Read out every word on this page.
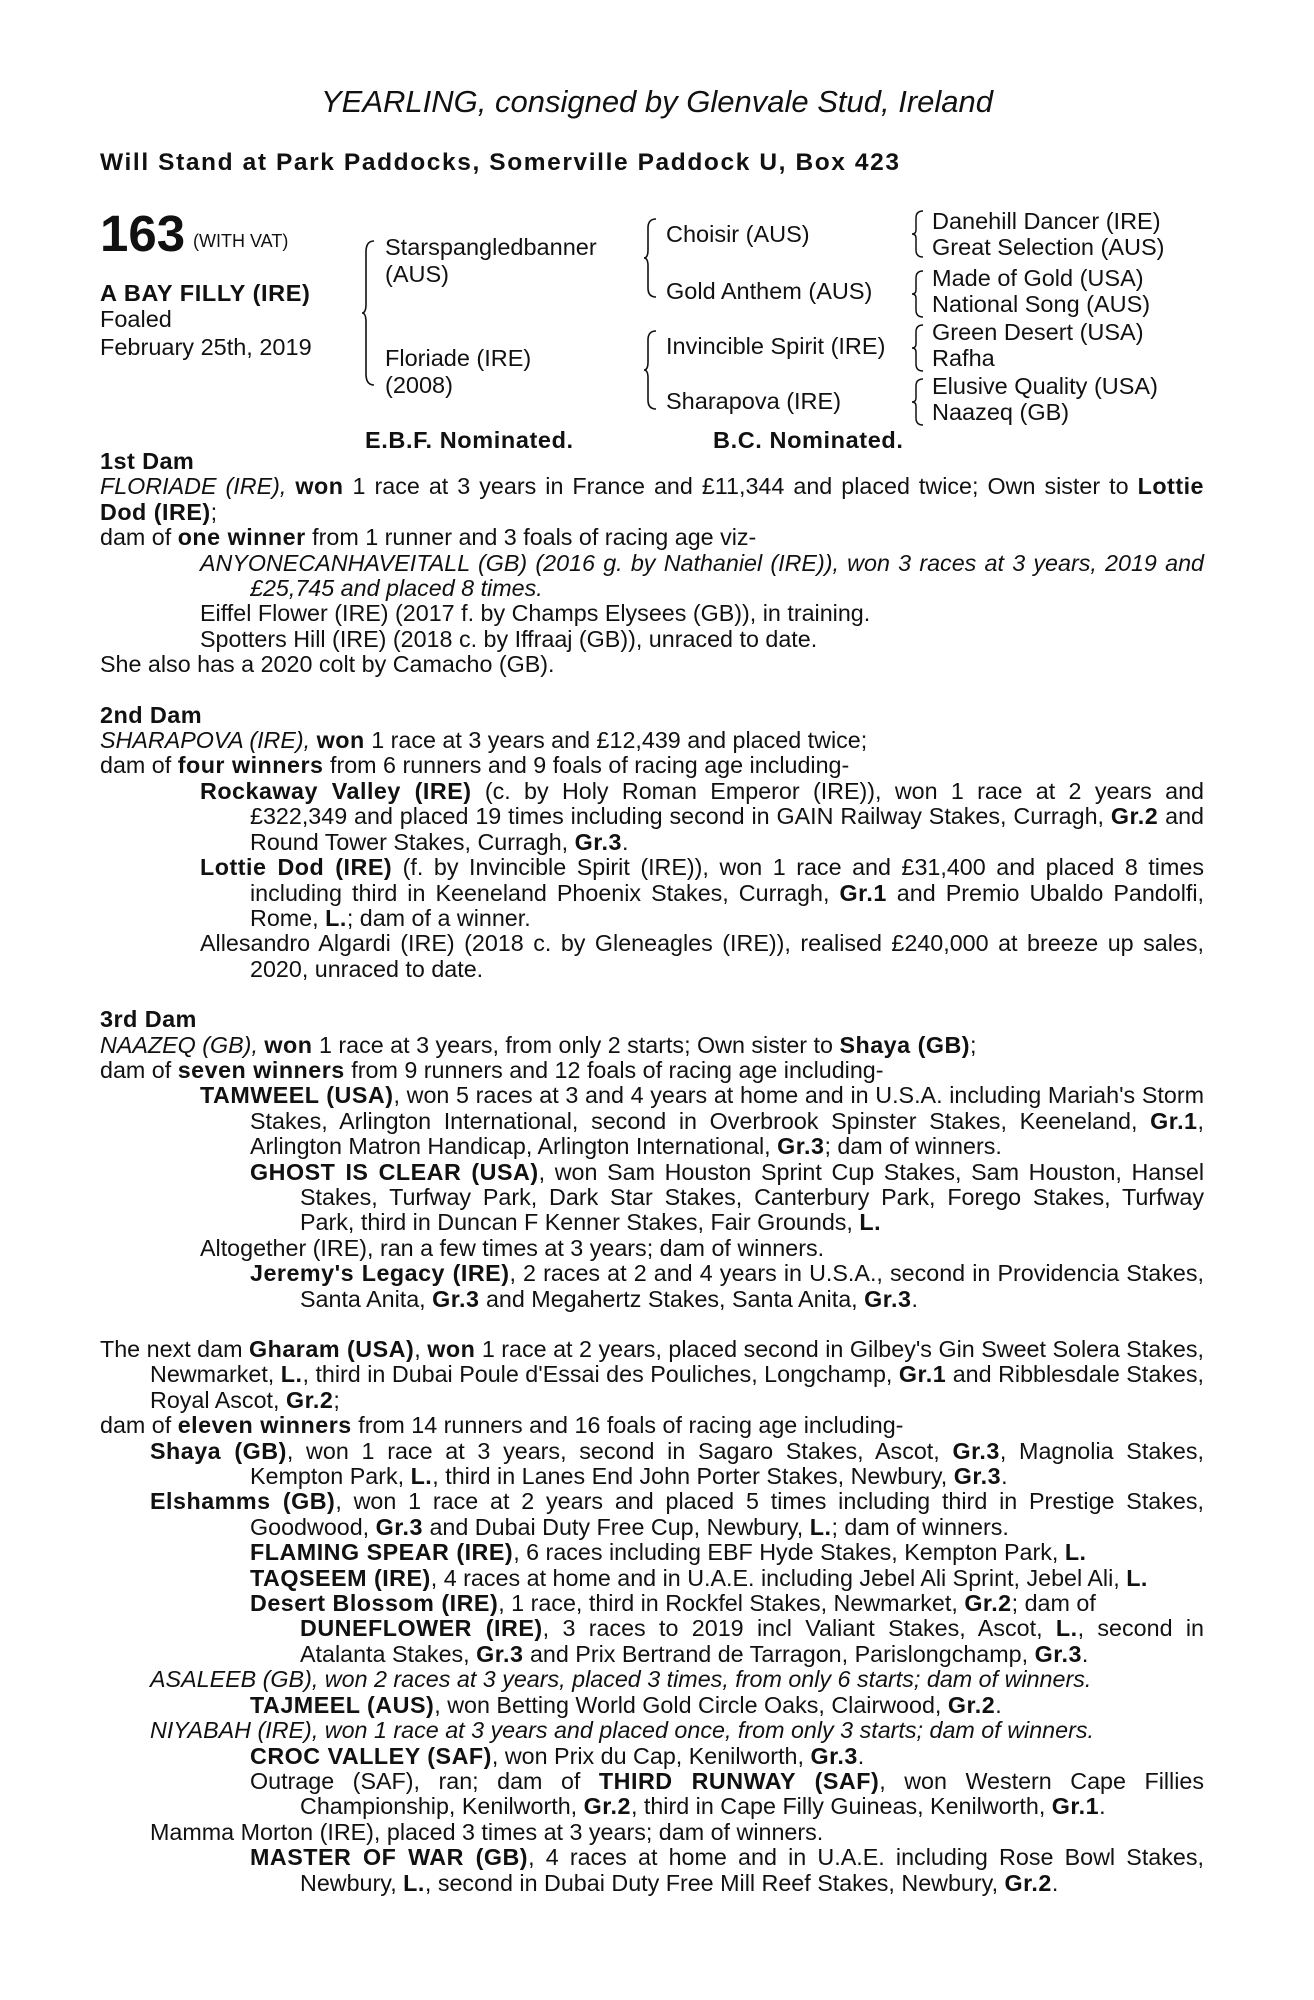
YEARLING, consigned by Glenvale Stud, Ireland
Will Stand at Park Paddocks, Somerville Paddock U, Box 423
163 (WITH VAT)
A BAY FILLY (IRE)
Foaled
February 25th, 2019
Starspangledbanner
(AUS)
Floriade (IRE)
(2008)
Choisir (AUS)
Gold Anthem (AUS)
Invincible Spirit (IRE)
Sharapova (IRE)
Danehill Dancer (IRE)
Great Selection (AUS)
Made of Gold (USA)
National Song (AUS)
Green Desert (USA)
Rafha
Elusive Quality (USA)
Naazeq (GB)
E.B.F. Nominated.	B.C. Nominated.

1st Dam

FLORIADE (IRE), won 1 race at 3 years in France and £11,344 and placed twice; Own sister to Lottie Dod (IRE);

dam of one winner from 1 runner and 3 foals of racing age viz-

ANYONECANHAVEITALL (GB) (2016 g. by Nathaniel (IRE)), won 3 races at 3 years, 2019 and £25,745 and placed 8 times.

Eiffel Flower (IRE) (2017 f. by Champs Elysees (GB)), in training.

Spotters Hill (IRE) (2018 c. by Iffraaj (GB)), unraced to date.

She also has a 2020 colt by Camacho (GB).

2nd Dam

SHARAPOVA (IRE), won 1 race at 3 years and £12,439 and placed twice;

dam of four winners from 6 runners and 9 foals of racing age including-

Rockaway Valley (IRE) (c. by Holy Roman Emperor (IRE)), won 1 race at 2 years and £322,349 and placed 19 times including second in GAIN Railway Stakes, Curragh, Gr.2 and Round Tower Stakes, Curragh, Gr.3.

Lottie Dod (IRE) (f. by Invincible Spirit (IRE)), won 1 race and £31,400 and placed 8 times including third in Keeneland Phoenix Stakes, Curragh, Gr.1 and Premio Ubaldo Pandolfi, Rome, L.; dam of a winner.

Allesandro Algardi (IRE) (2018 c. by Gleneagles (IRE)), realised £240,000 at breeze up sales, 2020, unraced to date.

3rd Dam

NAAZEQ (GB), won 1 race at 3 years, from only 2 starts; Own sister to Shaya (GB);

dam of seven winners from 9 runners and 12 foals of racing age including-

TAMWEEL (USA), won 5 races at 3 and 4 years at home and in U.S.A. including Mariah's Storm Stakes, Arlington International, second in Overbrook Spinster Stakes, Keeneland, Gr.1, Arlington Matron Handicap, Arlington International, Gr.3; dam of winners.

GHOST IS CLEAR (USA), won Sam Houston Sprint Cup Stakes, Sam Houston, Hansel Stakes, Turfway Park, Dark Star Stakes, Canterbury Park, Forego Stakes, Turfway Park, third in Duncan F Kenner Stakes, Fair Grounds, L.

Altogether (IRE), ran a few times at 3 years; dam of winners.

Jeremy's Legacy (IRE), 2 races at 2 and 4 years in U.S.A., second in Providencia Stakes, Santa Anita, Gr.3 and Megahertz Stakes, Santa Anita, Gr.3.

The next dam Gharam (USA), won 1 race at 2 years, placed second in Gilbey's Gin Sweet Solera Stakes, Newmarket, L., third in Dubai Poule d'Essai des Pouliches, Longchamp, Gr.1 and Ribblesdale Stakes, Royal Ascot, Gr.2;

dam of eleven winners from 14 runners and 16 foals of racing age including-

Shaya (GB), won 1 race at 3 years, second in Sagaro Stakes, Ascot, Gr.3, Magnolia Stakes, Kempton Park, L., third in Lanes End John Porter Stakes, Newbury, Gr.3.

Elshamms (GB), won 1 race at 2 years and placed 5 times including third in Prestige Stakes, Goodwood, Gr.3 and Dubai Duty Free Cup, Newbury, L.; dam of winners.

FLAMING SPEAR (IRE), 6 races including EBF Hyde Stakes, Kempton Park, L.

TAQSEEM (IRE), 4 races at home and in U.A.E. including Jebel Ali Sprint, Jebel Ali, L.

Desert Blossom (IRE), 1 race, third in Rockfel Stakes, Newmarket, Gr.2; dam of

DUNEFLOWER (IRE), 3 races to 2019 incl Valiant Stakes, Ascot, L., second in Atalanta Stakes, Gr.3 and Prix Bertrand de Tarragon, Parislongchamp, Gr.3.

ASALEEB (GB), won 2 races at 3 years, placed 3 times, from only 6 starts; dam of winners.

TAJMEEL (AUS), won Betting World Gold Circle Oaks, Clairwood, Gr.2.

NIYABAH (IRE), won 1 race at 3 years and placed once, from only 3 starts; dam of winners.

CROC VALLEY (SAF), won Prix du Cap, Kenilworth, Gr.3.

Outrage (SAF), ran; dam of THIRD RUNWAY (SAF), won Western Cape Fillies Championship, Kenilworth, Gr.2, third in Cape Filly Guineas, Kenilworth, Gr.1.

Mamma Morton (IRE), placed 3 times at 3 years; dam of winners.

MASTER OF WAR (GB), 4 races at home and in U.A.E. including Rose Bowl Stakes, Newbury, L., second in Dubai Duty Free Mill Reef Stakes, Newbury, Gr.2.
